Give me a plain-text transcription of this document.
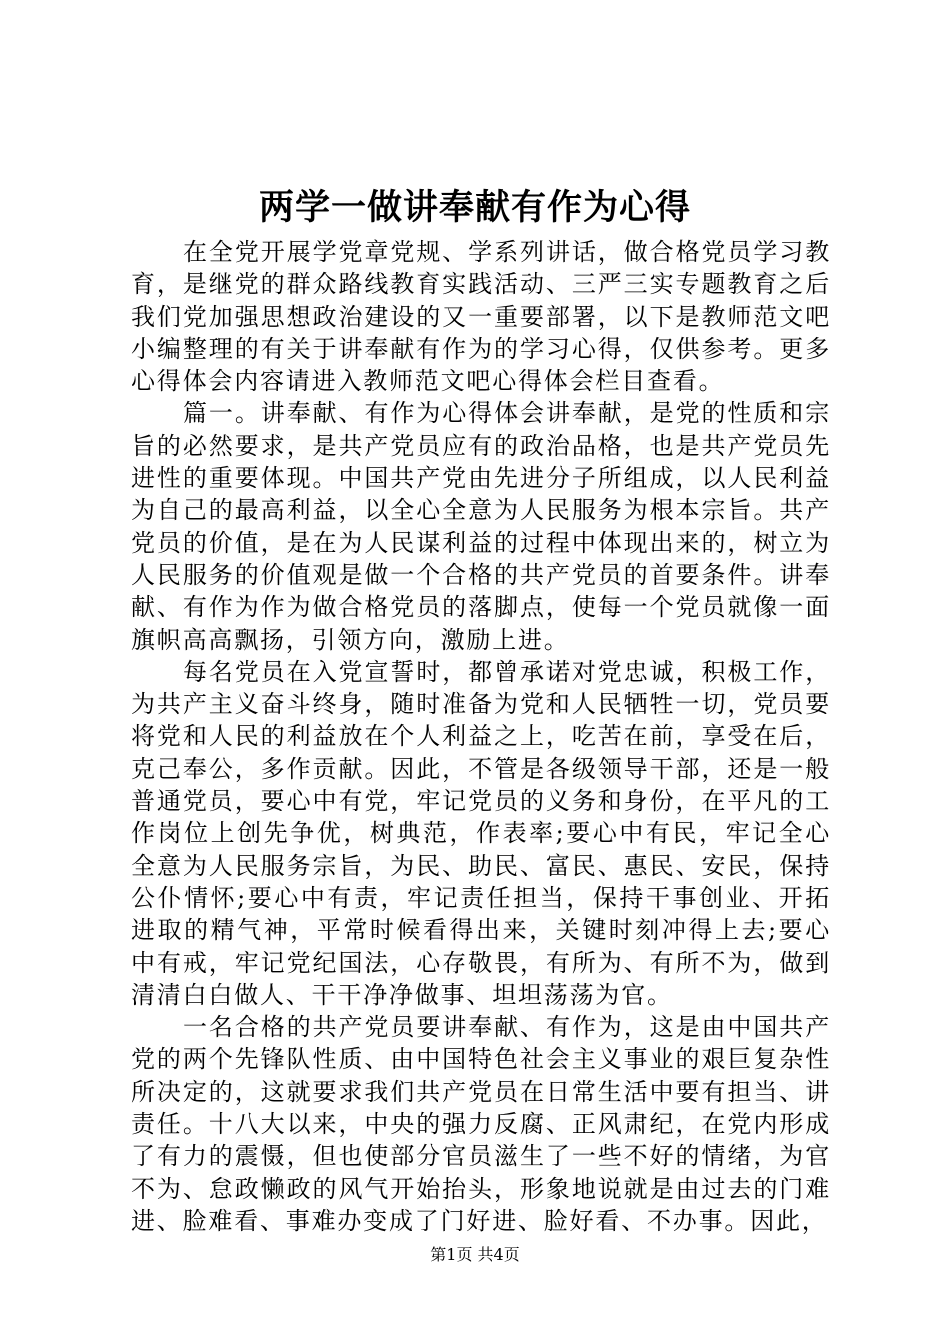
两学一做讲奉献有作为心得

在全党开展学党章党规、学系列讲话，做合格党员学习教育，是继党的群众路线教育实践活动、三严三实专题教育之后我们党加强思想政治建设的又一重要部署，以下是教师范文吧小编整理的有关于讲奉献有作为的学习心得，仅供参考。更多心得体会内容请进入教师范文吧心得体会栏目查看。

篇一。讲奉献、有作为心得体会讲奉献，是党的性质和宗旨的必然要求，是共产党员应有的政治品格，也是共产党员先进性的重要体现。中国共产党由先进分子所组成，以人民利益为自己的最高利益，以全心全意为人民服务为根本宗旨。共产党员的价值，是在为人民谋利益的过程中体现出来的，树立为人民服务的价值观是做一个合格的共产党员的首要条件。讲奉献、有作为作为做合格党员的落脚点，使每一个党员就像一面旗帜高高飘扬，引领方向，激励上进。

每名党员在入党宣誓时，都曾承诺对党忠诚，积极工作，为共产主义奋斗终身，随时准备为党和人民牺牲一切，党员要将党和人民的利益放在个人利益之上，吃苦在前，享受在后，克己奉公，多作贡献。因此，不管是各级领导干部，还是一般普通党员，要心中有党，牢记党员的义务和身份，在平凡的工作岗位上创先争优，树典范，作表率;要心中有民，牢记全心全意为人民服务宗旨，为民、助民、富民、惠民、安民，保持公仆情怀;要心中有责，牢记责任担当，保持干事创业、开拓进取的精气神，平常时候看得出来，关键时刻冲得上去;要心中有戒，牢记党纪国法，心存敬畏，有所为、有所不为，做到清清白白做人、干干净净做事、坦坦荡荡为官。

一名合格的共产党员要讲奉献、有作为，这是由中国共产党的两个先锋队性质、由中国特色社会主义事业的艰巨复杂性所决定的，这就要求我们共产党员在日常生活中要有担当、讲责任。十八大以来，中央的强力反腐、正风肃纪，在党内形成了有力的震慑，但也使部分官员滋生了一些不好的情绪，为官不为、怠政懒政的风气开始抬头，形象地说就是由过去的门难进、脸难看、事难办变成了门好进、脸好看、不办事。因此，

第1页 共4页
